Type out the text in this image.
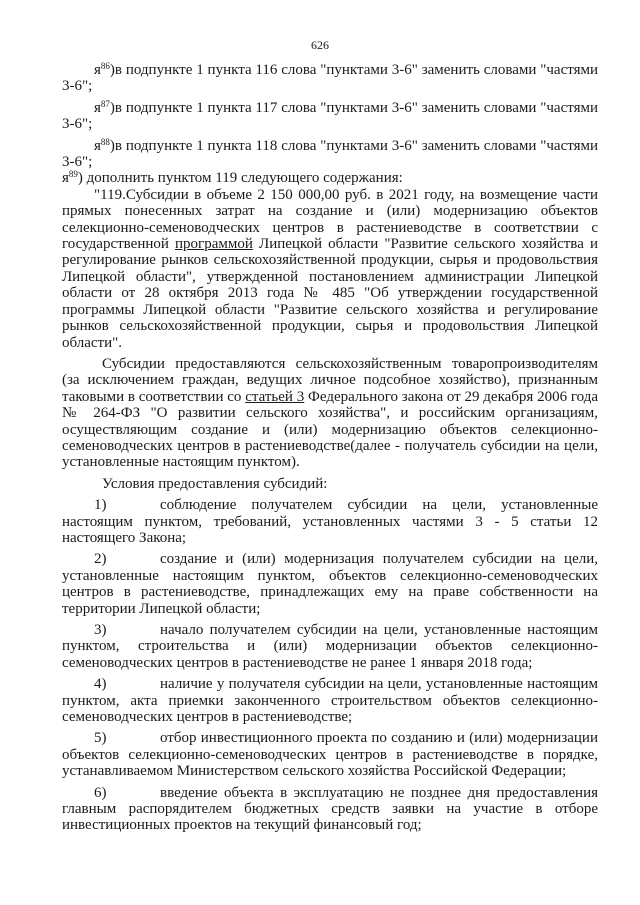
626

$я^{86})в$ подпункте 1 пункта 116 слова "пунктами 3-6" заменить словами "частями 3-6";

$я^{87})в$ подпункте 1 пункта 117 слова "пунктами 3-6" заменить словами "частями 3-6";

$я^{88})в$ подпункте 1 пункта 118 слова "пунктами 3-6" заменить словами "частями 3-6";

$я^{89}$) дополнить пунктом 119 следующего содержания:

"119.Субсидии в объеме 2 150 000,00 руб. в 2021 году, на возмещение части прямых понесенных затрат на создание и (или) модернизацию объектов селекционно-семеноводческих центров в растениеводстве в соответствии с государственной программой Липецкой области "Развитие сельского хозяйства и регулирование рынков сельскохозяйственной продукции, сырья и продовольствия Липецкой области", утвержденной постановлением администрации Липецкой области от 28 октября 2013 года № 485 "Об утверждении государственной программы Липецкой области "Развитие сельского хозяйства и регулирование рынков сельскохозяйственной продукции, сырья и продовольствия Липецкой области".

Субсидии предоставляются сельскохозяйственным товаропроизводителям (за исключением граждан, ведущих личное подсобное хозяйство), признанным таковыми в соответствии со статьей 3 Федерального закона от 29 декабря 2006 года № 264-ФЗ "О развитии сельского хозяйства", и российским организациям, осуществляющим создание и (или) модернизацию объектов селекционно-семеноводческих центров в растениеводстве(далее - получатель субсидии на цели, установленные настоящим пунктом).

Условия предоставления субсидий:

1)	соблюдение получателем субсидии на цели, установленные настоящим пунктом, требований, установленных частями 3 - 5 статьи 12 настоящего Закона;

2)	создание и (или) модернизация получателем субсидии на цели, установленные настоящим пунктом, объектов селекционно-семеноводческих центров в растениеводстве, принадлежащих ему на праве собственности на территории Липецкой области;

3)	начало получателем субсидии на цели, установленные настоящим пунктом, строительства и (или) модернизации объектов селекционно-семеноводческих центров в растениеводстве не ранее 1 января 2018 года;

4)	наличие у получателя субсидии на цели, установленные настоящим пунктом, акта приемки законченного строительством объектов селекционно-семеноводческих центров в растениеводстве;

5)	отбор инвестиционного проекта по созданию и (или) модернизации объектов селекционно-семеноводческих центров в растениеводстве в порядке, устанавливаемом Министерством сельского хозяйства Российской Федерации;

6)	введение объекта в эксплуатацию не позднее дня предоставления главным распорядителем бюджетных средств заявки на участие в отборе инвестиционных проектов на текущий финансовый год;
